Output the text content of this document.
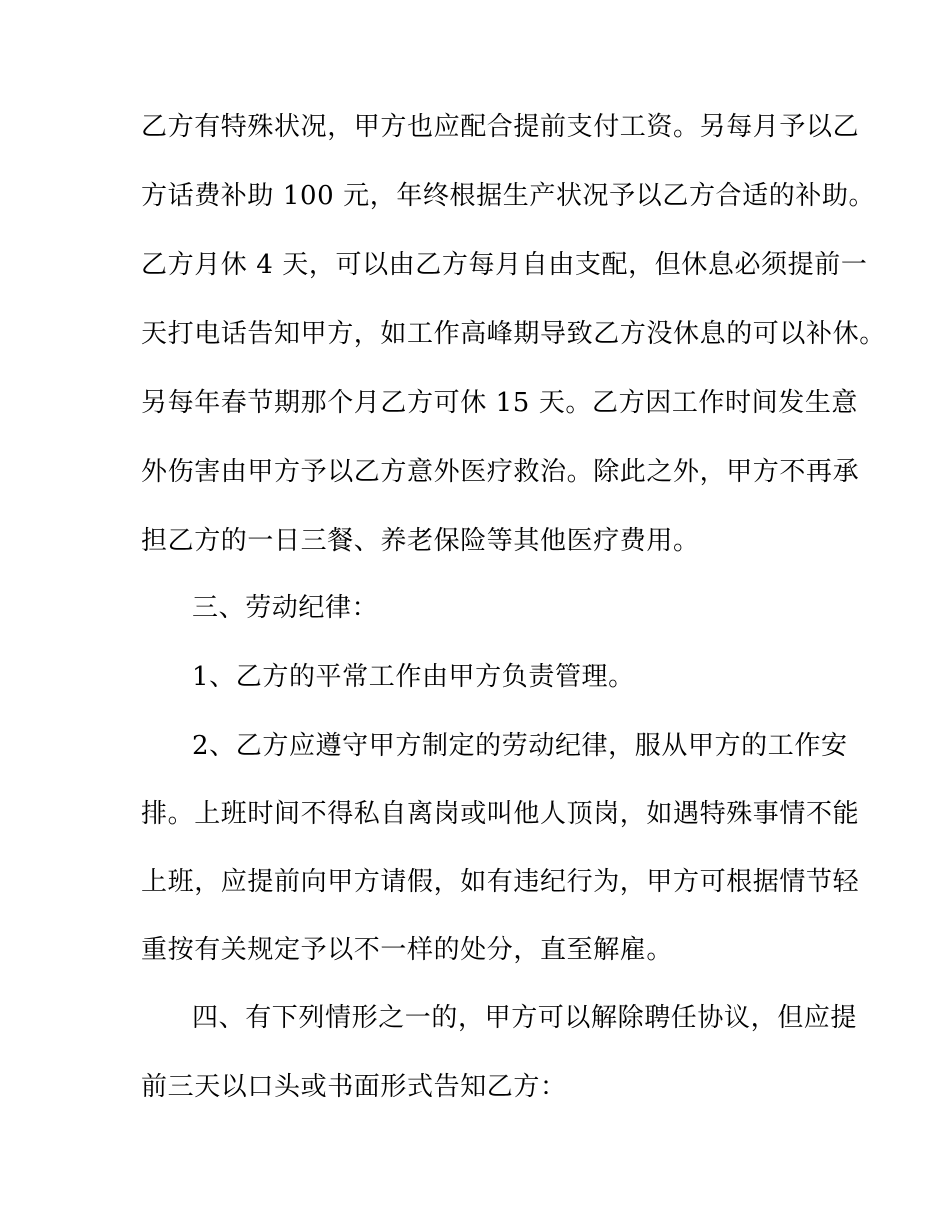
乙方有特殊状况，甲方也应配合提前支付工资。另每月予以乙
方话费补助 100 元，年终根据生产状况予以乙方合适的补助。
乙方月休 4 天，可以由乙方每月自由支配，但休息必须提前一
天打电话告知甲方，如工作高峰期导致乙方没休息的可以补休。
另每年春节期那个月乙方可休 15 天。乙方因工作时间发生意
外伤害由甲方予以乙方意外医疗救治。除此之外，甲方不再承
担乙方的一日三餐、养老保险等其他医疗费用。
三、劳动纪律：
1、乙方的平常工作由甲方负责管理。
2、乙方应遵守甲方制定的劳动纪律，服从甲方的工作安
排。上班时间不得私自离岗或叫他人顶岗，如遇特殊事情不能
上班，应提前向甲方请假，如有违纪行为，甲方可根据情节轻
重按有关规定予以不一样的处分，直至解雇。
四、有下列情形之一的，甲方可以解除聘任协议，但应提
前三天以口头或书面形式告知乙方：
